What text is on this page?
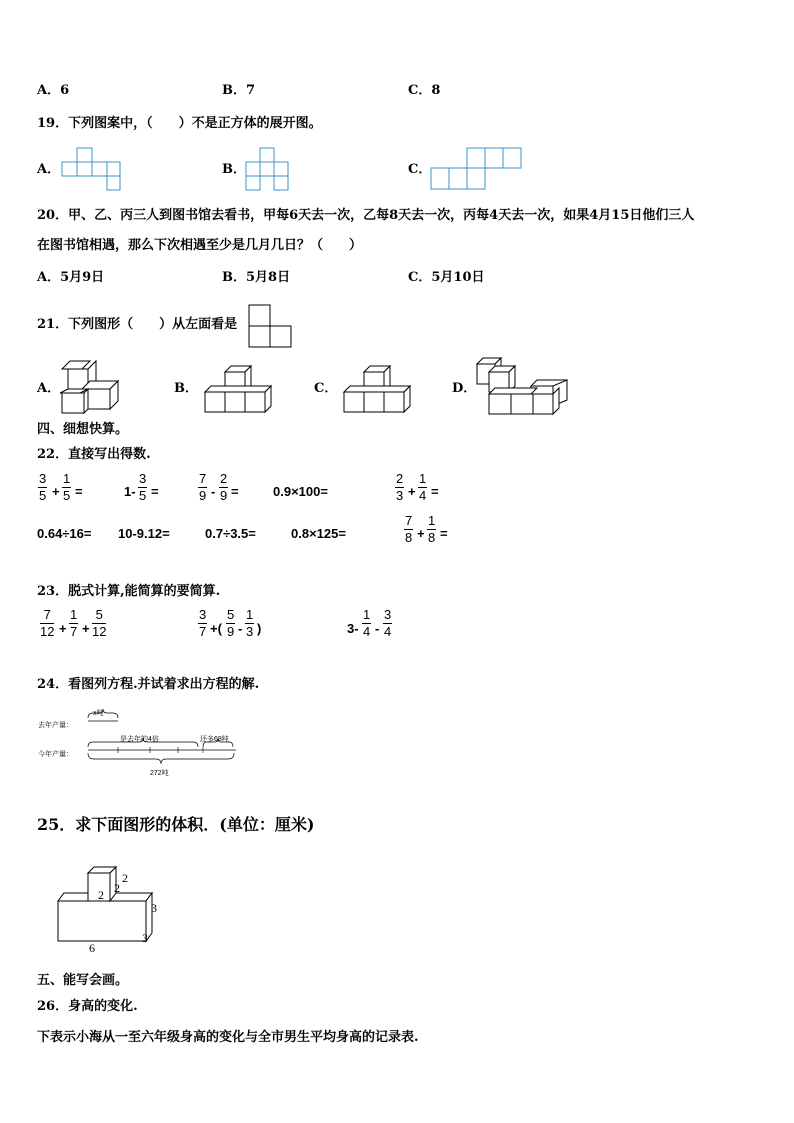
A．6	B．7	C．8
19．下列图案中，（　　）不是正方体的展开图。
A．	B．	C．
20．甲、乙、丙三人到图书馆去看书，甲每6天去一次，乙每8天去一次，丙每4天去一次，如果4月15日他们三人
在图书馆相遇，那么下次相遇至少是几月几日？（　　）
A．5月9日	B．5月8日	C．5月10日
21．下列图形（　　）从左面看是
A．	B．	C．	D．
四、细想快算。
22．直接写出得数.
3
5 +
1
5 =	1-
3
5 =
7
9 -
2
9 =	0.9×100=
2
3 +
1
4 =
0.64÷16= 10-9.12=	0.7÷3.5=	0.8×125=
7
8 +
1
8 =
23．脱式计算,能简算的要简算.
7
12 +
1
7 +
5
12
3
7 +(
5
9 -
1
3 )	3-
1
4 -
3
4
24．看图列方程.并试着求出方程的解.
去年产量：
x吨
今年产量：
是去年的4倍	还多68吨
272吨
25．求下面图形的体积．(单位：厘米)
2
2
2
3
3
6
五、能写会画。
26．身高的变化.
下表示小海从一至六年级身高的变化与全市男生平均身高的记录表.
